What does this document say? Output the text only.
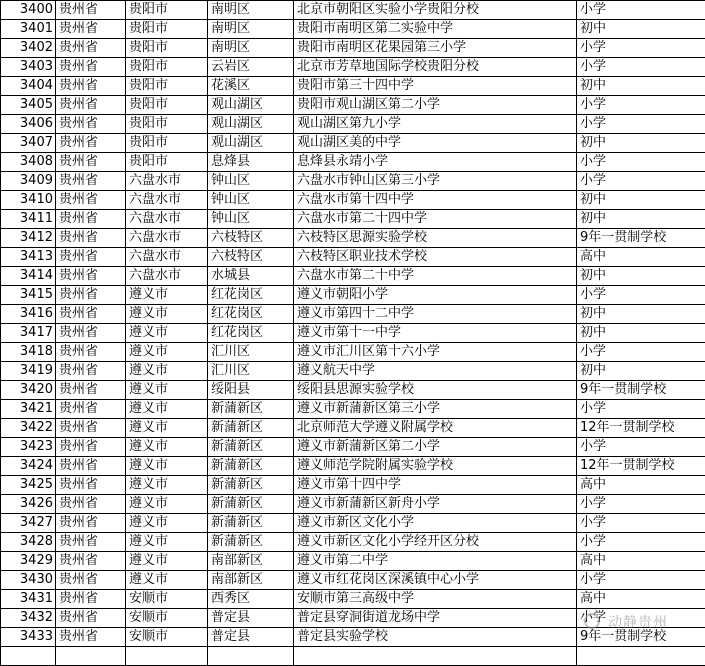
3400	贵州省	贵阳市	南明区	北京市朝阳区实验小学贵阳分校	小学
3401	贵州省	贵阳市	南明区	贵阳市南明区第二实验中学	初中
3402	贵州省	贵阳市	南明区	贵阳市南明区花果园第三小学	小学
3403	贵州省	贵阳市	云岩区	北京市芳草地国际学校贵阳分校	小学
3404	贵州省	贵阳市	花溪区	贵阳市第三十四中学	初中
3405	贵州省	贵阳市	观山湖区	贵阳市观山湖区第二小学	小学
3406	贵州省	贵阳市	观山湖区	观山湖区第九小学	小学
3407	贵州省	贵阳市	观山湖区	观山湖区美的中学	初中
3408	贵州省	贵阳市	息烽县	息烽县永靖小学	小学
3409	贵州省	六盘水市	钟山区	六盘水市钟山区第三小学	小学
3410	贵州省	六盘水市	钟山区	六盘水市第十四中学	初中
3411	贵州省	六盘水市	钟山区	六盘水市第二十四中学	初中
3412	贵州省	六盘水市	六枝特区	六枝特区思源实验学校	9年一贯制学校
3413	贵州省	六盘水市	六枝特区	六枝特区职业技术学校	高中
3414	贵州省	六盘水市	水城县	六盘水市第二十中学	初中
3415	贵州省	遵义市	红花岗区	遵义市朝阳小学	小学
3416	贵州省	遵义市	红花岗区	遵义市第四十二中学	初中
3417	贵州省	遵义市	红花岗区	遵义市第十一中学	初中
3418	贵州省	遵义市	汇川区	遵义市汇川区第十六小学	小学
3419	贵州省	遵义市	汇川区	遵义航天中学	初中
3420	贵州省	遵义市	绥阳县	绥阳县思源实验学校	9年一贯制学校
3421	贵州省	遵义市	新蒲新区	遵义市新蒲新区第三小学	小学
3422	贵州省	遵义市	新蒲新区	北京师范大学遵义附属学校	12年一贯制学校
3423	贵州省	遵义市	新蒲新区	遵义市新蒲新区第二小学	小学
3424	贵州省	遵义市	新蒲新区	遵义师范学院附属实验学校	12年一贯制学校
3425	贵州省	遵义市	新蒲新区	遵义市第十四中学	高中
3426	贵州省	遵义市	新蒲新区	遵义市新蒲新区新舟小学	小学
3427	贵州省	遵义市	新蒲新区	遵义市新区文化小学	小学
3428	贵州省	遵义市	新蒲新区	遵义市新区文化小学经开区分校	小学
3429	贵州省	遵义市	南部新区	遵义市第二中学	高中
3430	贵州省	遵义市	南部新区	遵义市红花岗区深溪镇中心小学	小学
3431	贵州省	安顺市	西秀区	安顺市第三高级中学	高中
3432	贵州省	安顺市	普定县	普定县穿洞街道龙场中学	小学
3433	贵州省	安顺市	普定县	普定县实验学校	9年一贯制学校

动静贵州
